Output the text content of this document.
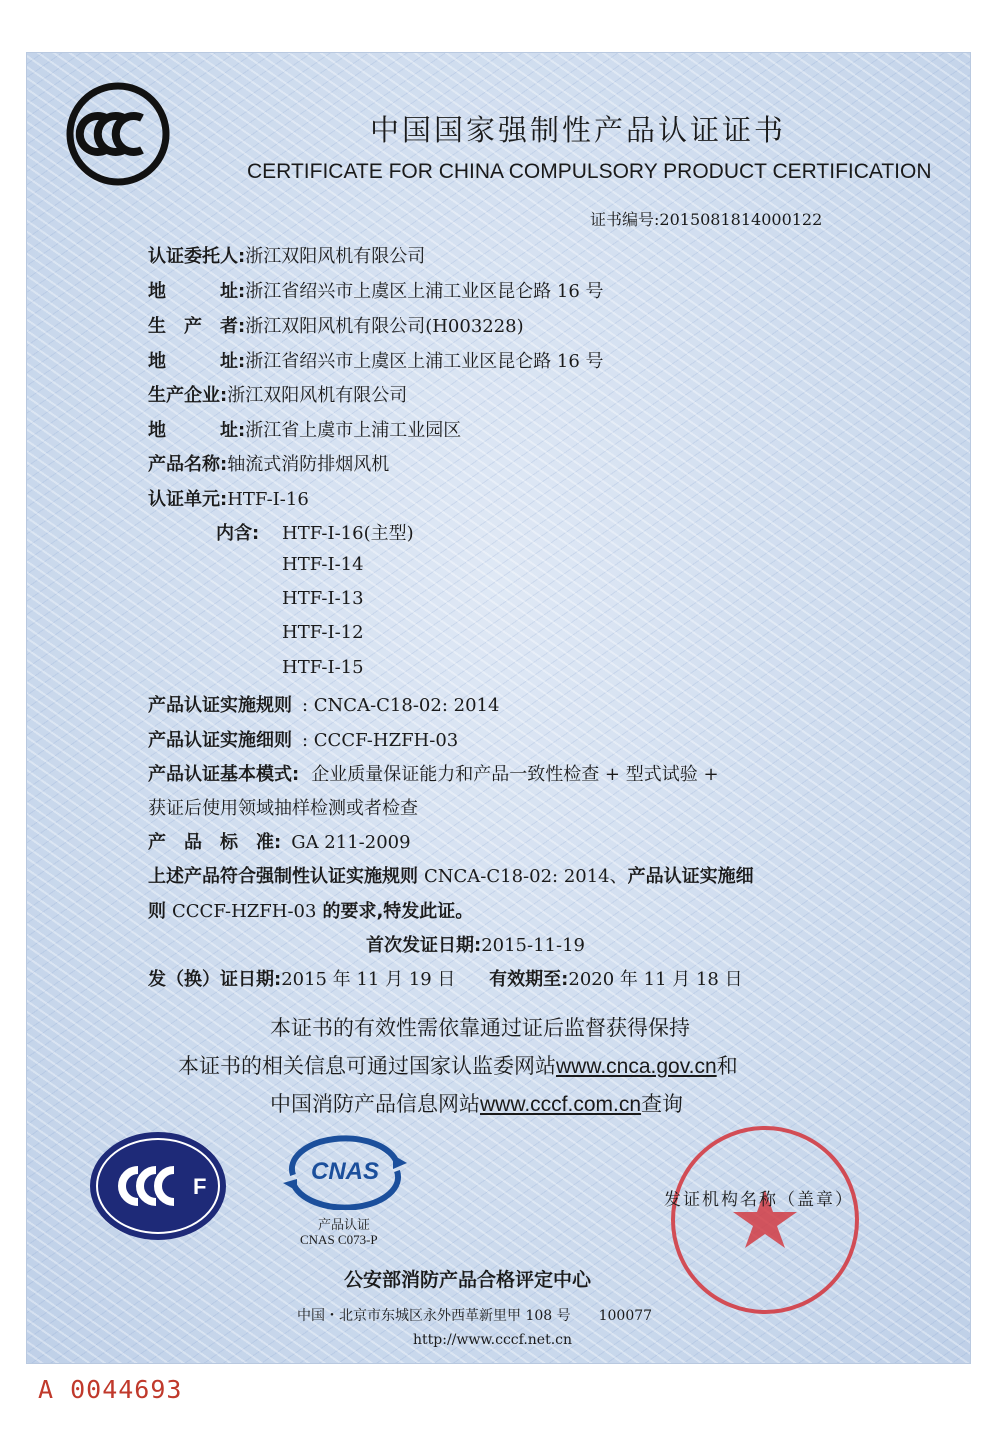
中国国家强制性产品认证证书
CERTIFICATE FOR CHINA COMPULSORY PRODUCT CERTIFICATION
证书编号:2015081814000122
认证委托人:浙江双阳风机有限公司
地　　　址:浙江省绍兴市上虞区上浦工业区昆仑路 16 号
生　产　者:浙江双阳风机有限公司(H003228)
地　　　址:浙江省绍兴市上虞区上浦工业区昆仑路 16 号
生产企业:浙江双阳风机有限公司
地　　　址:浙江省上虞市上浦工业园区
产品名称:轴流式消防排烟风机
认证单元:HTF-I-16
内含: HTF-I-16(主型)
HTF-I-14
HTF-I-13
HTF-I-12
HTF-I-15
产品认证实施规则 : CNCA-C18-02: 2014
产品认证实施细则 : CCCF-HZFH-03
产品认证基本模式: 企业质量保证能力和产品一致性检查 + 型式试验 +
获证后使用领域抽样检测或者检查
产　品　标　准: GA 211-2009
上述产品符合强制性认证实施规则 CNCA-C18-02: 2014、产品认证实施细
则 CCCF-HZFH-03 的要求,特发此证。
首次发证日期:2015-11-19
发（换）证日期:2015 年 11 月 19 日 有效期至:2020 年 11 月 18 日
本证书的有效性需依靠通过证后监督获得保持
本证书的相关信息可通过国家认监委网站www.cnca.gov.cn和
中国消防产品信息网站www.cccf.com.cn查询
F
CNAS
产品认证
CNAS C073-P
发证机构名称（盖章）
公安部消防产品合格评定中心
中国・北京市东城区永外西革新里甲 108 号　　100077
http://www.cccf.net.cn
A 0044693
